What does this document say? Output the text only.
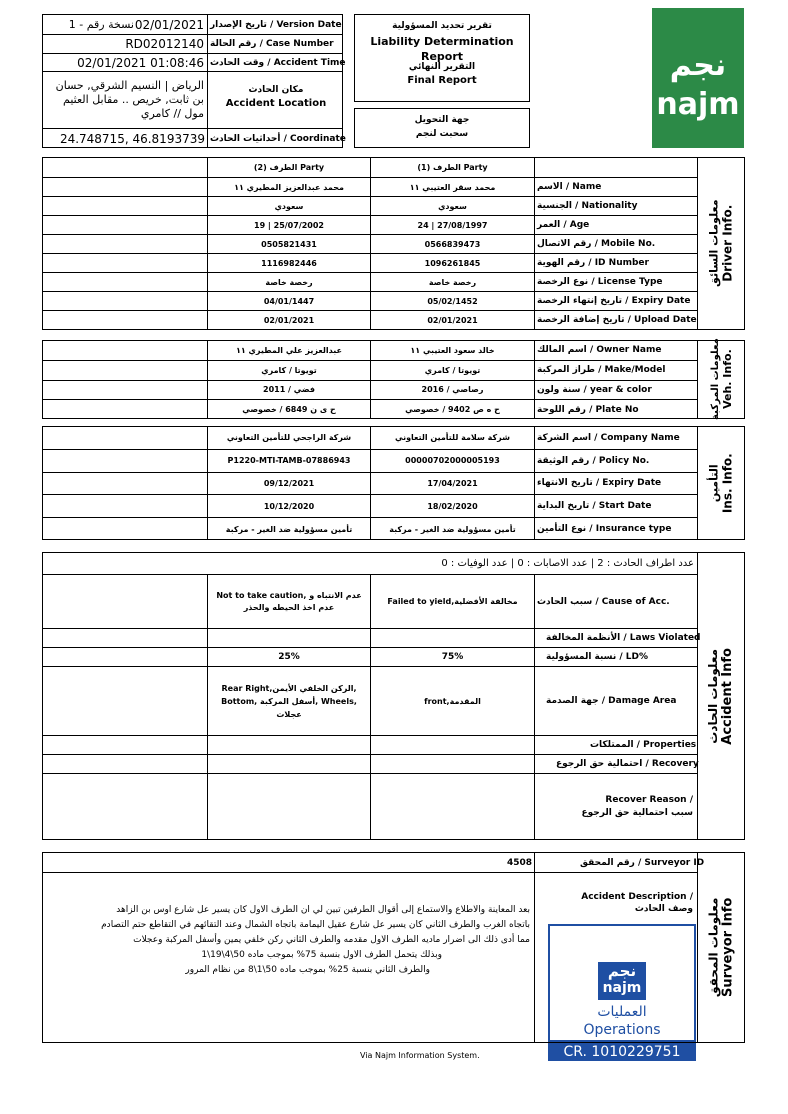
نسخة رقم - 1 02/01/2021 تاريخ الإصدار / Version Date
RD02012140 رقم الحالة / Case Number
02/01/2021 01:08:46 وقت الحادث / Accident Time
الرياض | النسيم الشرقي, حسان بن ثابت, خريص .. مقابل العثيم مول // كامري
مكان الحادث
Accident Location
24.748715, 46.8193739 أحداثيات الحادث / Coordinate
تقرير تحديد المسؤولية
Liability Determination Report
التقرير النهائي
Final Report
جهة التحويل
سحبت لنجم
نجم
najm
الطرف (1) Party
الطرف (2) Party
الاسم / Name
محمد سقر العتيبي ١١
محمد عبدالعزيز المطيري ١١
الجنسية / Nationality
سعودي
سعودي
العمر / Age
24 | 27/08/1997
19 | 25/07/2002
رقم الاتصال / Mobile No.
0566839473
0505821431
رقم الهوية / ID Number
1096261845
1116982446
نوع الرخصة / License Type
رخصة خاصة
رخصة خاصة
تاريخ إنتهاء الرخصة / Expiry Date
05/02/1452
04/01/1447
تاريخ إضافة الرخصة / Upload Date
02/01/2021
02/01/2021
معلومات السائق Driver Info.
اسم المالك / Owner Name
خالد سعود العتيبي ١١
عبدالعزيز علي المطيري ١١
طراز المركبة / Make/Model
تويوتا / كامري
تويوتا / كامري
سنة ولون / year & color
2016 / رصاصي
2011 / فضي
رقم اللوحة / Plate No
ح ه ص 9402 / خصوصي
ح ى ن 6849 / خصوصي	معلومات المركبة Veh. Info.
اسم الشركة / Company Name
شركة سلامة للتأمين التعاوني
شركة الراجحي للتأمين التعاوني
رقم الوثيقة / Policy No.
00000702000005193
P1220-MTI-TAMB-07886943
تاريخ الانتهاء / Expiry Date
17/04/2021
09/12/2021
تاريخ البداية / Start Date
18/02/2020
10/12/2020
نوع التأمين / Insurance type
تأمين مسؤولية ضد الغير - مركبة
تأمين مسؤولية ضد الغير - مركبة
التأمين Ins. Info.
عدد اطراف الحادث : 2 | عدد الاصابات : 0 | عدد الوفيات : 0
سبب الحادث / Cause of Acc.
Failed to yield,مخالفة الأفضلية
Not to take caution, عدم الانتباه و عدم اخذ الحيطه والحذر
الأنظمة المخالفة / Laws Violated
نسبة المسؤولية / LD%
75%
25%
جهة الصدمة / Damage Area
front,المقدمة
Rear Right,الركن الخلفي الأيمن, Bottom, أسفل المركبة, Wheels, عجلات
الممتلكات / Properties
احتمالية حق الرجوع / Recovery
Recover Reason /
سبب احتمالية حق الرجوع
معلومات الحادث Accident Info
4508	رقم المحقق / Surveyor ID
Accident Description /
وصف الحادث
بعد المعاينة والاطلاع والاستماع إلى أقوال الطرفين تبين لي ان الطرف الاول كان يسير عل شارع اوس بن الزاهد
باتجاه الغرب والطرف الثاني كان يسير عل شارع عقيل اليمامة باتجاه الشمال وعند التقائهم في التقاطع حتم التصادم
مما أدى ذلك الى اضرار ماديه الطرف الاول مقدمه والطرف الثاني ركن خلفي يمين وأسفل المركبة وعجلات
وبذلك يتحمل الطرف الاول بنسبة 75% بموجب ماده 50\4\19\1
والطرف الثاني بنسبة 25% بموجب ماده 50\1\8 من نظام المرور	نجم
najm
العمليات
Operations
CR. 1010229751
معلومات المحقق Surveyor Info
Via Najm Information System.
